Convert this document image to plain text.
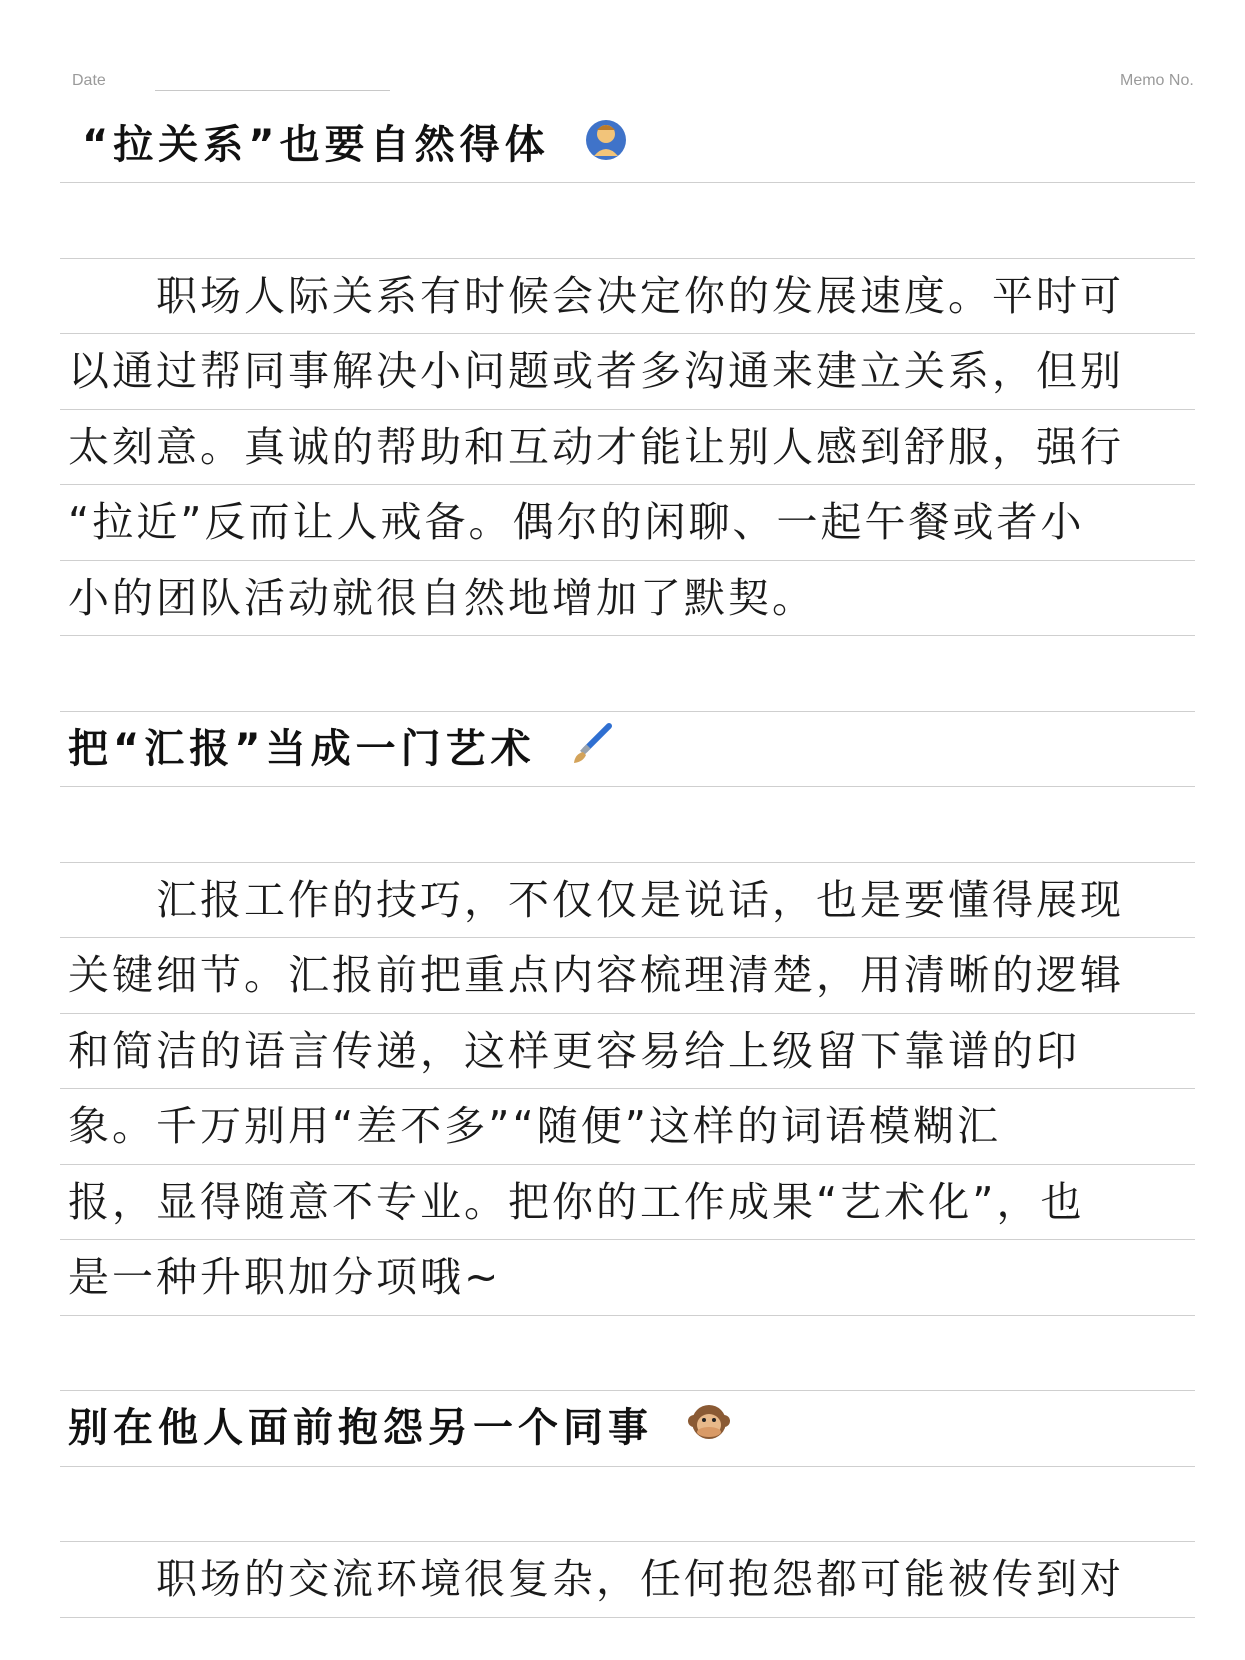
Date	Memo No.
“拉关系”也要自然得体
　　职场人际关系有时候会决定你的发展速度。平时可
以通过帮同事解决小问题或者多沟通来建立关系，但别
太刻意。真诚的帮助和互动才能让别人感到舒服，强行
“拉近”反而让人戒备。偶尔的闲聊、一起午餐或者小
小的团队活动就很自然地增加了默契。
把“汇报”当成一门艺术
　　汇报工作的技巧，不仅仅是说话，也是要懂得展现
关键细节。汇报前把重点内容梳理清楚，用清晰的逻辑
和简洁的语言传递，这样更容易给上级留下靠谱的印
象。千万别用“差不多”“随便”这样的词语模糊汇
报，显得随意不专业。把你的工作成果“艺术化”，也
是一种升职加分项哦~
别在他人面前抱怨另一个同事
　　职场的交流环境很复杂，任何抱怨都可能被传到对
